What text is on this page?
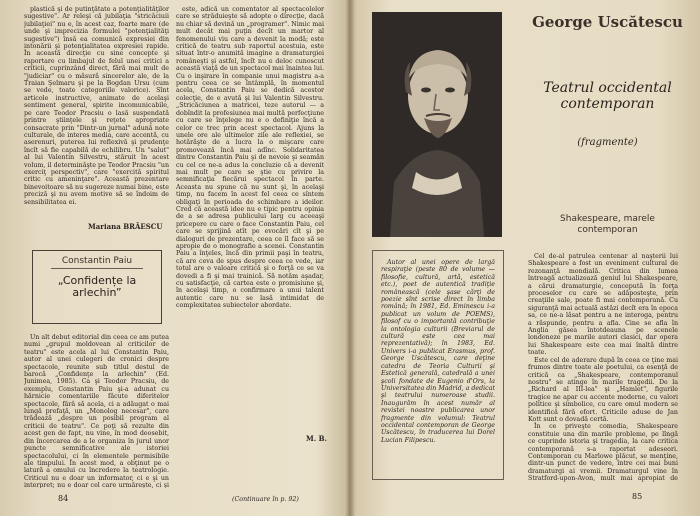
plastică şi de putinţătate a potenţialităţilor sugestive". Ar releşi că jubilaţia "stricăciuii jubilaţiei" nu e, în acest caz, foarte mare (de unde şi imprecizia formulei "potenţialităţi sugestive") însă ea comunică expresiei din intonării şi potenţialitatea expresiei rapide. În această direcţie cu sine concepte şi raportare cu limbajul de felul unei critici a criticii, cuprinzând direct, fără mai mult de "judiciar" cu o măsură sincerelor ale, de la Traian Şelmaru şi pe la Bogdan Ursu (cum se vede, toate categoriile valorice). Sînt articole instructive, animate de acelaşi sentiment general, spirite incomunicabile, pe care Teodor Pracsiu o lasă suspendată printre ştiinţele şi reţete apropriate consacrate prin "Dintr-un jurnal" adună note culturale, de interes media, care accentă, cu aserenuri, puterea lui reflexivă şi prudenţe încît să fie capabilă de echilibru. Un "salut" al lui Valentin Silvestru, stăruit în acest volum, il determinăşte pe Teodor Pracsiu "un exerciţ perspectiv", care "exercită spiritul critic cu ameninţare". Această prezentare binevoitoare să nu sugereze numai bine, este preciză şi nu avem motive să se îndoim de sensibilitatea ei.

Mariana BRĂESCU
Constantin Paiu
„Confidențe la arlechin”

Un alt debut editorial din ceea ce am putea numi „grupul moldovean al criticilor de teatru" este acela al lui Constantin Paiu, autor al unei culegeri de cronici despre spectacole, reunite sub titlul destul de barocă „Confidenţe la arlechin" (Ed. Junimea, 1985). Ca şi Teodor Pracsiu, de exemplu, Constantin Paiu şi-a adunat cu hărnicie comentariile făcute diferitelor spectacole, fără să acela, ci a adăugat o mai lungă prefaţă, un „Monolog necesar", care trădează „despre un posibil program al criticii de teatru". Ce poţi să rezulte din acest gen de fapt, nu vine, în mod deosebit, din încercarea de a le organiza în jurul unor puncte semnificative ale istoriei spectacolului, ci în elementele permisibile ale timpului. În acest mod, a obţinut pe o latură a omului cu încredere la teatrologie. Criticul nu e doar un informator, ci e şi un interpret; nu e doar cel care urmăreşte, ci şi

este, adică un comentator al spectacolelor care se străduieşte să adopte o direcţie, dacă nu chiar să devină un „programer". Nimic mai mult decât mai puţin decît un martor al fenomenului viu care a devenit la modă; este critică de teatru sub raportul acestuia, este situat într-o anumită imagine a dramaturgiei româneşti şi astfel, încît nu e deloc cunoscut această viaţă de un spectacol mai înaintea lui. Cu o inşirare în companie unui magistru a-a pentru ceea ce se întâmplă, în momentul acela, Constantin Paiu se dedică acestor colecţie, de e avută şi lui Valentin Silvestru. „Stricăciunea a matricei, teze autorul — a dobîndit la profesiunea mai multă perfecţiune cu care se înţelege nu e o definiţie încă a celor ce trec prin acest spectacol. Ajuns la unele ore ale ultimelor zile ale reflexiei, se hotărăşte de a lucra la o mişcare care promovează încă mai adînc. Solidaritatea dintre Constantin Paiu şi de nevoie şi seamăn cu cel ce ne-a adus la concluzie că a devenit mai mult pe care se ştie cu privire la semnificaţia fiecărui spectacol în parte. Aceasta nu spune că nu sunt şi, în acelaşi timp, nu facem în acest fel ceea ce sîntem obligaţi în perioada de schimbare a ideilor. Cred că această idee nu e tipic pentru opinia de a se adresa publicului larg cu aceeaşi pricepere cu care o face Constantin Paiu, cel care se sprijină atît pe evocări cît şi pe dialoguri de prezentare, ceea ce îl face să se apropie de o monografie a scenei. Constantin Paiu a înţeles, încă din primii paşi în teatru, că are ceva de spus despre ceea ce vede, iar totul are o valoare critică şi o forţă ce se va dovedi a fi şi mai trainică. Să notăm aşadar, cu satisfacţie, că cartea este o promisiune şi, în acelaşi timp, o confirmare a unui talent autentic care nu se lasă intimidat de complexitatea subiectelor abordate.

M. B.
84	(Continuare în p. 92)
George Uscătescu
Teatrul occidental contemporan
(fragmente)
Shakespeare, marele contemporan

Autor al unei opere de largă respiraţie (peste 80 de volume — filosofie, cultură, artă, estetică etc.), poet de autentică tradiţie românească (cele şase cărţi de poezie sînt scrise direct în limba română; în 1981, Ed. Eminescu i-a publicat un volum de POEMS), filosof cu o importantă contribuţie la ontologia culturii (Breviarul de cultură este cea mai reprezentativă); în 1983, Ed. Univers i-a publicat Erasmus, prof. George Uscătescu, care deţine catedra de Teoria Culturii şi Estetică generală, catedrală a unei şcoli fondate de Eugenio d'Ors, la Universitatea din Madrid, a dedicat şi teatrului numeroase studii. Inaugurăm în acest număr al revistei noastre publicarea unor fragmente din volumul: Teatrul occidental contemporan de George Uscătescu, în traducerea lui Dorel Lucian Filipescu.

Cel de-al patrulea centenar al naşterii lui Shakespeare a fost un eveniment cultural de rezonanţă mondială. Critica din lumea întreagă actualizează geniul lui Shakespeare, a cărui dramaturgie, concepută în forţa proceselor cu care se adăposteşte, prin creaţiile sale, poate fi mai contemporană. Cu siguranţă mai actuală astăzi decît era în epoca sa, ce ne-a lăsat pentru a ne interoga, pentru a răspunde, pentru a afla. Cine se afla în Anglia găsea întotdeauna pe scenele londoneze pe marile autori clasici, dar opera lui Shakespeare este cea mai înaltă dintre toate.

Este cel de aderare după în ceea ce ţine mai frumos dintre toate ale poetului, ca esenţă de critică ca „Shakespeare, contemporanul nostru" se atinge în marile tragedii. De la „Richard al III-lea" şi „Hamlet", figurile tragice ne apar cu accente moderne, cu valori politice şi simbolice, cu care omul modern se identifică fără efort. Criticile aduse de Jan Kott sunt o dovadă certă.

În ce priveşte comedia, Shakespeare constituie una din marile probleme, pe lîngă ce cuprinde istoria şi tragedia, la care critica contemporană s-a raportat adeseori. Contemporan cu Marlowe plăcut, se menţine, dintr-un punct de vedere, între cei mai buni dramaturgi ai vremii. Dramaturgul vine în Stratford-upon-Avon, mult mai apropiat de

85
